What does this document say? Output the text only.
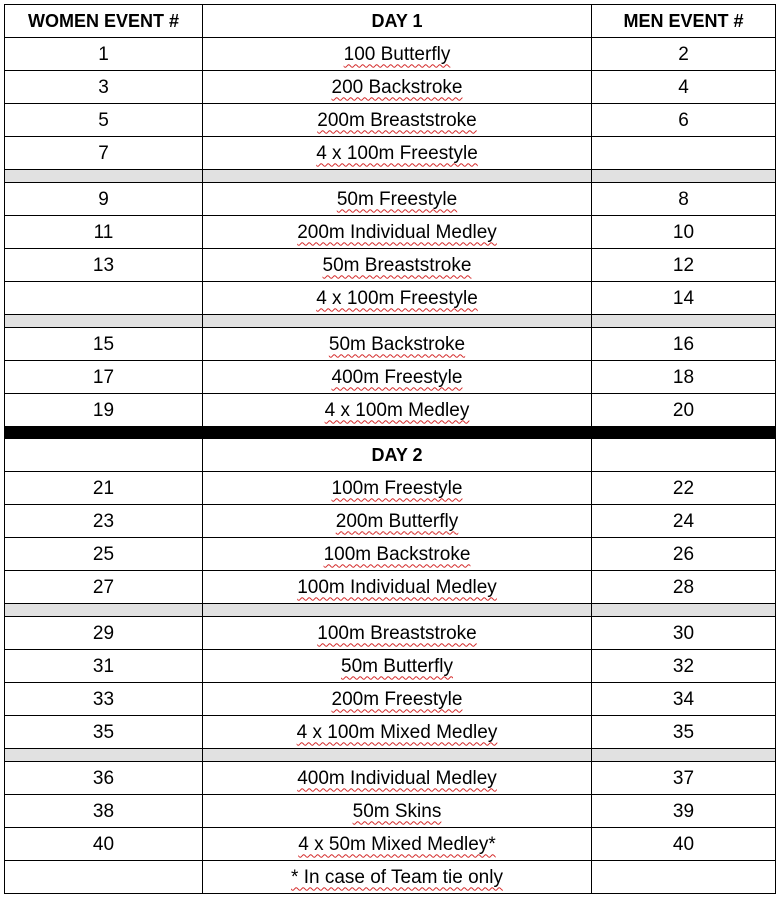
WOMEN EVENT #	DAY 1	MEN EVENT #
1	100 Butterfly	2
3	200 Backstroke	4
5	200m Breaststroke	6
7	4 x 100m Freestyle	

9	50m Freestyle	8
11	200m Individual Medley	10
13	50m Breaststroke	12
	4 x 100m Freestyle	14

15	50m Backstroke	16
17	400m Freestyle	18
19	4 x 100m Medley	20

	DAY 2	
21	100m Freestyle	22
23	200m Butterfly	24
25	100m Backstroke	26
27	100m Individual Medley	28

29	100m Breaststroke	30
31	50m Butterfly	32
33	200m Freestyle	34
35	4 x 100m Mixed Medley	35

36	400m Individual Medley	37
38	50m Skins	39
40	4 x 50m Mixed Medley*	40
	* In case of Team tie only	
